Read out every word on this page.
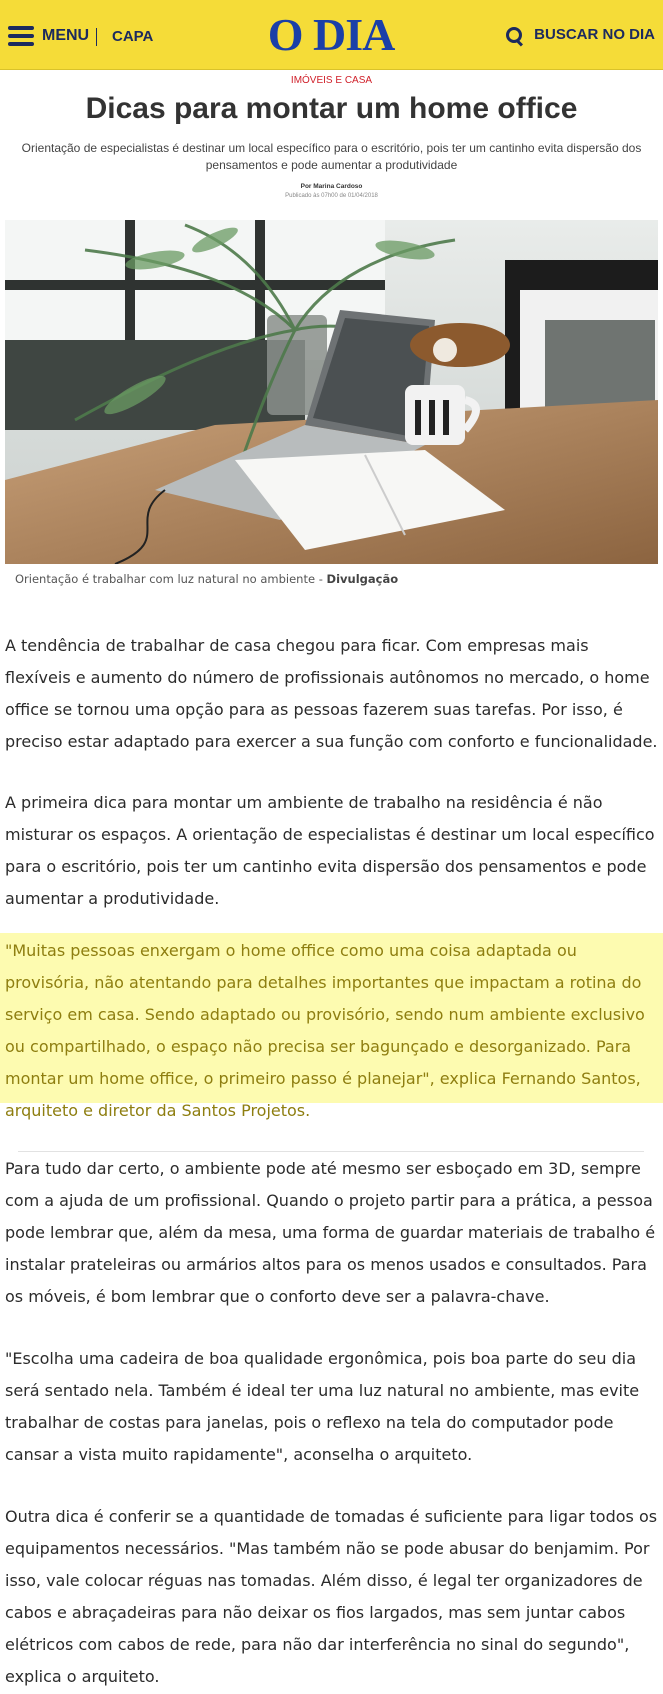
MENU CAPA	O DIA	BUSCAR NO DIA
IMÓVEIS E CASA
Dicas para montar um home office
Orientação de especialistas é destinar um local específico para o escritório, pois ter um cantinho evita dispersão dos pensamentos e pode aumentar a produtividade
Por Marina Cardoso
Publicado às 07h00 de 01/04/2018
Orientação é trabalhar com luz natural no ambiente - Divulgação

A tendência de trabalhar de casa chegou para ficar. Com empresas mais flexíveis e aumento do número de profissionais autônomos no mercado, o home office se tornou uma opção para as pessoas fazerem suas tarefas. Por isso, é preciso estar adaptado para exercer a sua função com conforto e funcionalidade.

A primeira dica para montar um ambiente de trabalho na residência é não misturar os espaços. A orientação de especialistas é destinar um local específico para o escritório, pois ter um cantinho evita dispersão dos pensamentos e pode aumentar a produtividade.

"Muitas pessoas enxergam o home office como uma coisa adaptada ou provisória, não atentando para detalhes importantes que impactam a rotina do serviço em casa. Sendo adaptado ou provisório, sendo num ambiente exclusivo ou compartilhado, o espaço não precisa ser bagunçado e desorganizado. Para montar um home office, o primeiro passo é planejar", explica Fernando Santos, arquiteto e diretor da Santos Projetos.

Para tudo dar certo, o ambiente pode até mesmo ser esboçado em 3D, sempre com a ajuda de um profissional. Quando o projeto partir para a prática, a pessoa pode lembrar que, além da mesa, uma forma de guardar materiais de trabalho é instalar prateleiras ou armários altos para os menos usados e consultados. Para os móveis, é bom lembrar que o conforto deve ser a palavra-chave.

"Escolha uma cadeira de boa qualidade ergonômica, pois boa parte do seu dia será sentado nela. Também é ideal ter uma luz natural no ambiente, mas evite trabalhar de costas para janelas, pois o reflexo na tela do computador pode cansar a vista muito rapidamente", aconselha o arquiteto.

Outra dica é conferir se a quantidade de tomadas é suficiente para ligar todos os equipamentos necessários. "Mas também não se pode abusar do benjamim. Por isso, vale colocar réguas nas tomadas. Além disso, é legal ter organizadores de cabos e abraçadeiras para não deixar os fios largados, mas sem juntar cabos elétricos com cabos de rede, para não dar interferência no sinal do segundo", explica o arquiteto.
